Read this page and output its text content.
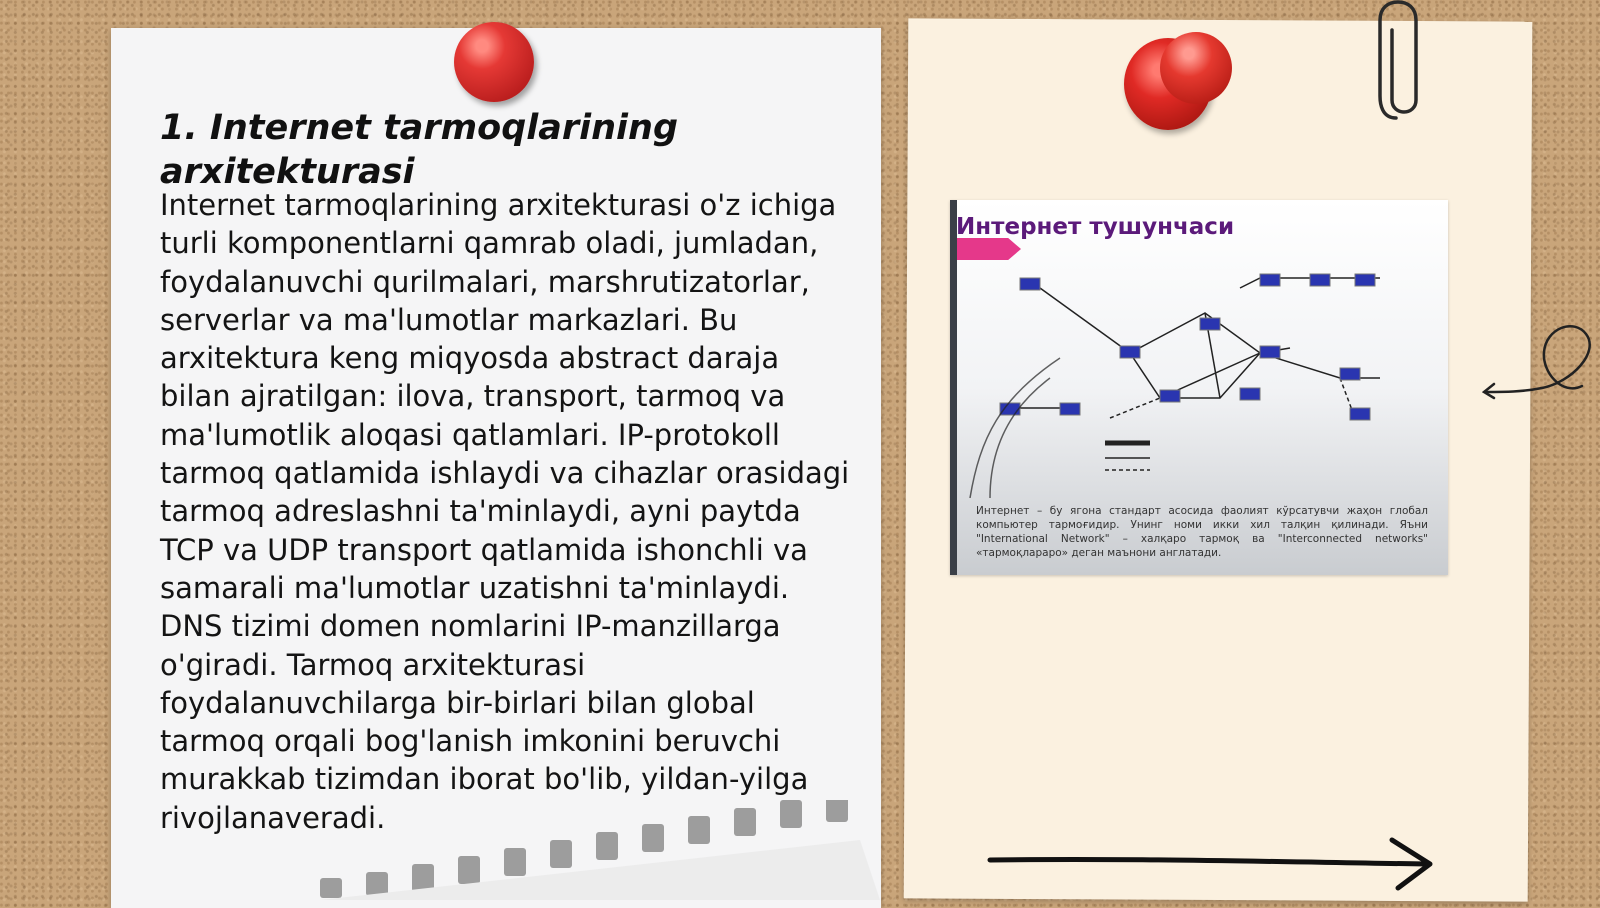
1. Internet tarmoqlarining arxitekturasi
Internet tarmoqlarining arxitekturasi o'z ichiga turli komponentlarni qamrab oladi, jumladan, foydalanuvchi qurilmalari, marshrutizatorlar, serverlar va ma'lumotlar markazlari. Bu arxitektura keng miqyosda abstract daraja bilan ajratilgan: ilova, transport, tarmoq va ma'lumotlik aloqasi qatlamlari. IP-protokoll tarmoq qatlamida ishlaydi va cihazlar orasidagi tarmoq adreslashni ta'minlaydi, ayni paytda TCP va UDP transport qatlamida ishonchli va samarali ma'lumotlar uzatishni ta'minlaydi. DNS tizimi domen nomlarini IP-manzillarga o'giradi. Tarmoq arxitekturasi foydalanuvchilarga bir-birlari bilan global tarmoq orqali bog'lanish imkonini beruvchi murakkab tizimdan iborat bo'lib, yildan-yilga rivojlanaveradi.
Интернет тушунчаси
Интернет – бу ягона стандарт асосида фаолият кўрсатувчи жаҳон глобал компьютер тармоғидир. Унинг номи икки хил талқин қилинади. Яъни "International Network" – халқаро тармоқ ва "Interconnected networks" «тармоқлараро» деган маънони англатади.
